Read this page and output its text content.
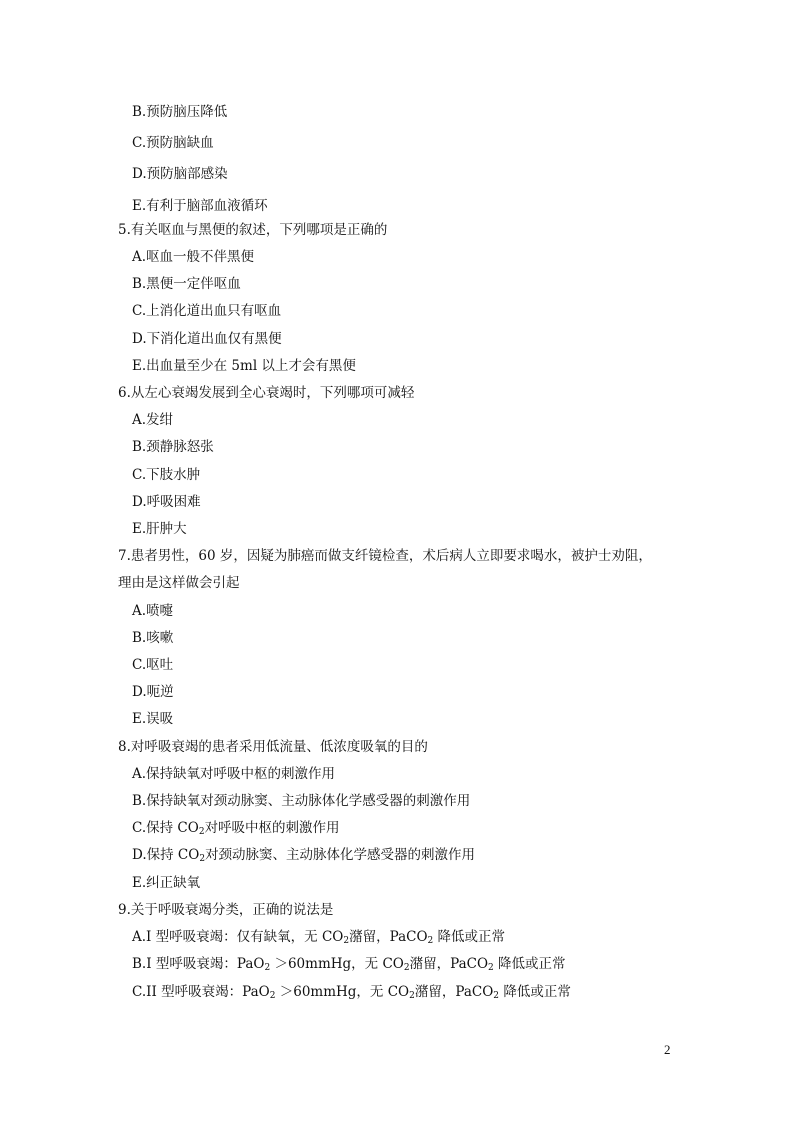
B.预防脑压降低
C.预防脑缺血
D.预防脑部感染
E.有利于脑部血液循环
5.有关呕血与黑便的叙述，下列哪项是正确的
A.呕血一般不伴黑便
B.黑便一定伴呕血
C.上消化道出血只有呕血
D.下消化道出血仅有黑便
E.出血量至少在 5ml 以上才会有黑便
6.从左心衰竭发展到全心衰竭时，下列哪项可减轻
A.发绀
B.颈静脉怒张
C.下肢水肿
D.呼吸困难
E.肝肿大
7.患者男性，60 岁，因疑为肺癌而做支纤镜检查，术后病人立即要求喝水，被护士劝阻，
理由是这样做会引起
A.喷嚏
B.咳嗽
C.呕吐
D.呃逆
E.误吸
8.对呼吸衰竭的患者采用低流量、低浓度吸氧的目的
A.保持缺氧对呼吸中枢的刺激作用
B.保持缺氧对颈动脉窦、主动脉体化学感受器的刺激作用
C.保持 $CO_2$对呼吸中枢的刺激作用
D.保持 $CO_2$对颈动脉窦、主动脉体化学感受器的刺激作用
E.纠正缺氧
9.关于呼吸衰竭分类，正确的说法是
A.I 型呼吸衰竭：仅有缺氧，无 $CO_2$潴留，PaCO$_2$ 降低或正常
B.I 型呼吸衰竭：PaO$_2$ ＞60mmHg，无 $CO_2$潴留，PaCO$_2$ 降低或正常
C.II 型呼吸衰竭：PaO$_2$ ＞60mmHg，无 $CO_2$潴留，PaCO$_2$ 降低或正常
2
